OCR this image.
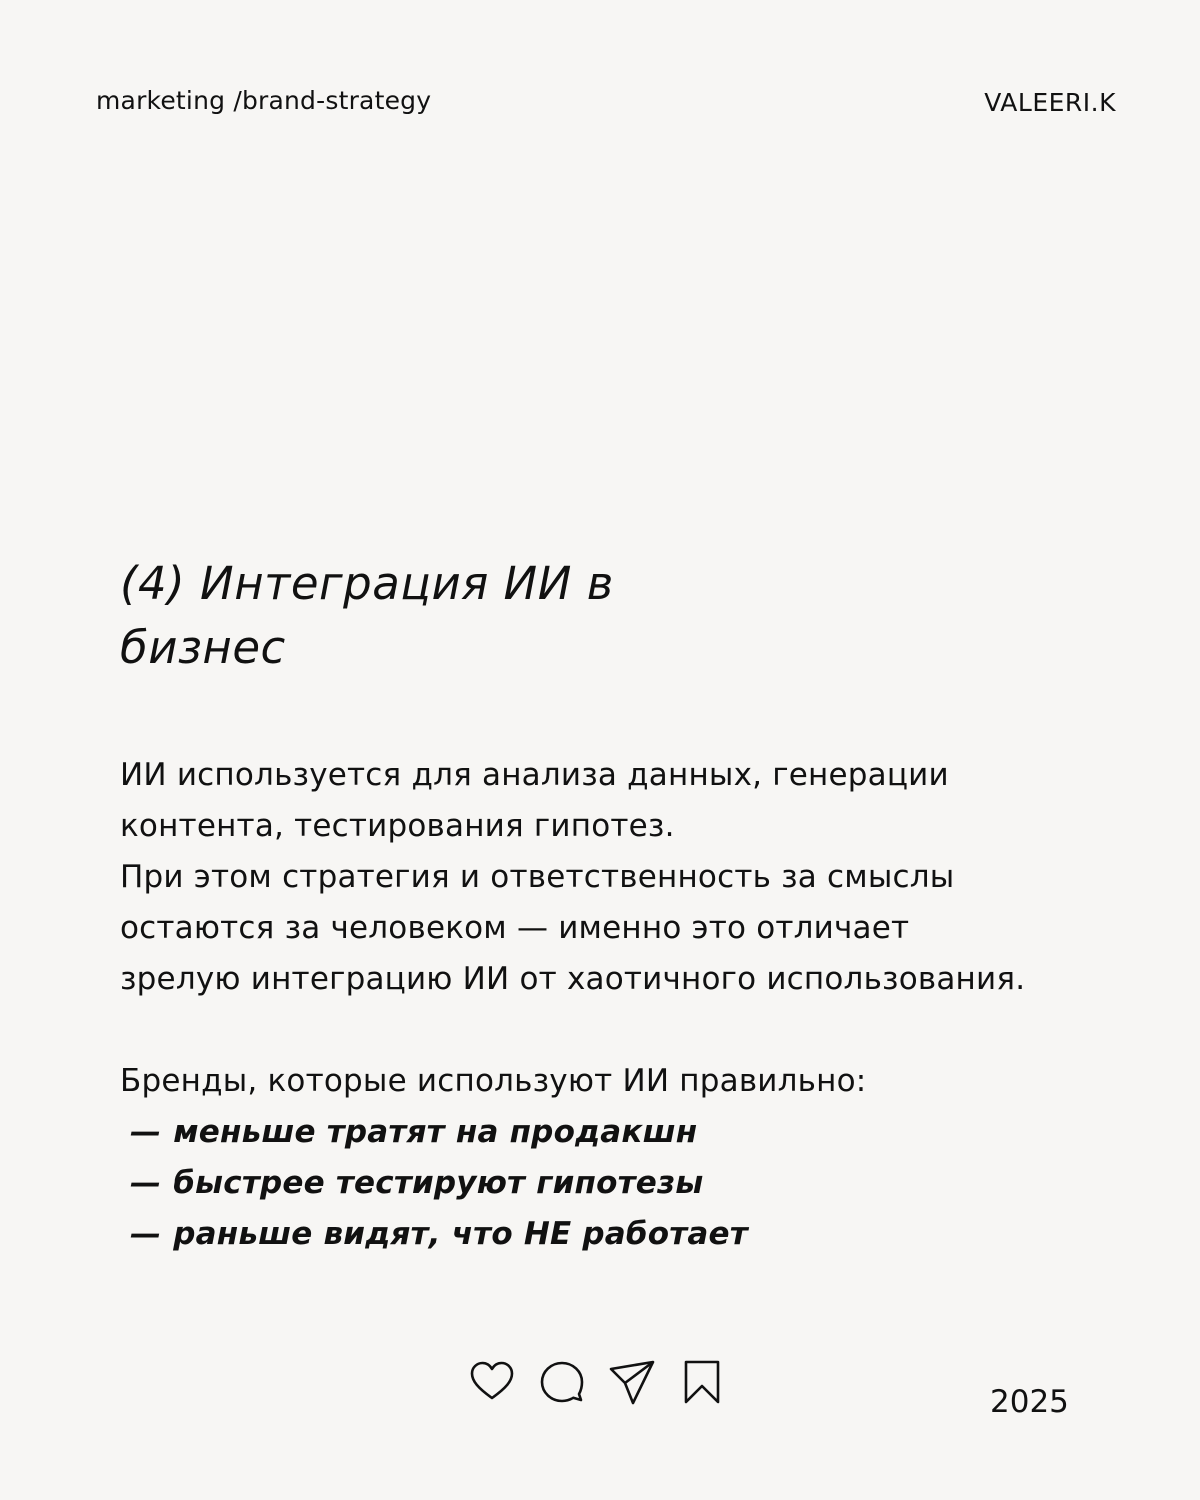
marketing /brand-strategy	VALEERI.K
(4) Интеграция ИИ в
бизнес

ИИ используется для анализа данных, генерации
контента, тестирования гипотез.
При этом стратегия и ответственность за смыслы
остаются за человеком — именно это отличает
зрелую интеграцию ИИ от хаотичного использования.

Бренды, которые используют ИИ правильно:

— меньше тратят на продакшн
— быстрее тестируют гипотезы
— раньше видят, что НЕ работает
2025
